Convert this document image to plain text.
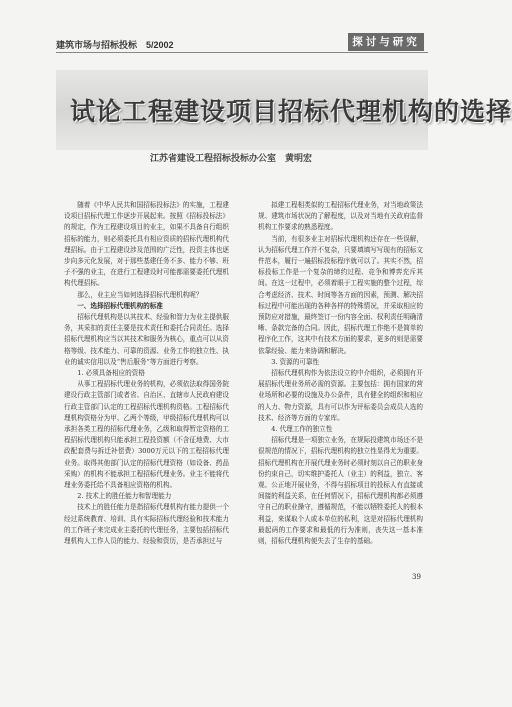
建筑市场与招标投标　5/2002	探讨与研究
试论工程建设项目招标代理机构的选择
江苏省建设工程招标投标办公室　黄明宏

随着《中华人民共和国招标投标法》的实施，工程建设项目招标代理工作逐步开展起来。按照《招标投标法》的规定，作为工程建设项目的业主，如果不具备自行组织招标的能力，则必须委托具有相应资质的招标代理机构代理招标。由于工程建设涉及范围的广泛性，投资主体也逐步向多元化发展，对于那些基建任务不多、能力不够、班子不强的业主，在进行工程建设时可能都需要委托代理机构代理招标。

那么，业主应当如何选择招标代理机构呢？

一、选择招标代理机构的标准

招标代理机构是以其技术、经验和智力为业主提供服务，其采扣的责任主要是技术责任和委托合同责任。选择招标代理机构应当以其技术和服务为核心，重点可以从资格等级、技术能力、可靠的资源、业务工作的独立性、执业的诚实信用以及“售后服务”等方面进行考察。

1. 必须具备相应的资格

从事工程招标代理业务的机构，必须依法取得国务院建设行政主管部门或者省、自治区、直辖市人民政府建设行政主管部门认定的工程招标代理机构资格。工程招标代理机构资格分为甲、乙两个等级，甲级招标代理机构可以承担各类工程的招标代理业务，乙级和取得暂定资格的工程招标代理机构只能承担工程投资额（不含征地费、大市政配套费与拆迁补偿费）3000万元以下的工程招标代理业务。取得其他部门认定的招标代理资格（如设备、药品采购）的机构不能承担工程招标代理业务。业主不能将代理业务委托给不具备相应资格的机构。

2. 技术上的胜任能力和智理能力

技术上的胜任能力是指招标代理机构有能力提供一个经过系统教育、培训、具有实际招标代理经验和技术能力的工作班子来完成业主委托的代理任务，主要包括招标代理机构人工作人员的能力、经验和资历，是否承担过与

拟建工程相类似的工程招标代理业务，对当地政策法规、建筑市场状况的了解程度，以及对当地有关政府监督机构工作要求的熟悉程度。

当前，有很多业主对招标代理机构还存在一些误解，认为招标代理工作并不复杂，只要填填写写现有的招标文件范本，履行一遍招标投标程序就可以了。其实不然，招标投标工作是一个复杂的缔约过程、竞争和博弈充斥其间。在这一过程中，必须着眼于工程实施的整个过程，综合考虑经济、技术、时间等各方面的因素，预测、解决招标过程中可能出现的各种各样的特殊情况，并采取相应的预防应对措施，最终签订一份内容全面、权利责任明确清晰、条款完备的合同。因此，招标代理工作绝不是简单的程序化工作，这其中有技术方面的要求，更多的则是需要依靠经验、能力来协调和解决。

3. 资源的可靠性

招标代理机构作为依法设立的中介组织，必须拥有开展招标代理业务所必需的资源。主要包括：拥有国家的营业场所和必要的设施及办公条件，具有健全的组织和相应的人力、物力资源，具有可以作为评标委员会成员人选的技术、经济等方面的专家库。

4. 代理工作的独立性

招标代理是一项独立业务，在规际投建筑市场还不是很规范的情况下，招标代理机构的独立性显得尤为重要。招标代理机构在开展代理业务时必须时刻以自己的职业身份约束自己，切实维护委托人（业主）的利益，独立、客观、公正地开展业务，不得与招标项目的投标人有直接或间接的利益关系，在任何情况下，招标代理机构都必须遵守自己的职业操守，遵循规范，不能以牺牲委托人的根本利益，来谋取个人或本单位的私利，这是对招标代理机构最起码的工作要求和最低的行为准则，丧失这一基本准则，招标代理机构便失去了生存的基础。

39
